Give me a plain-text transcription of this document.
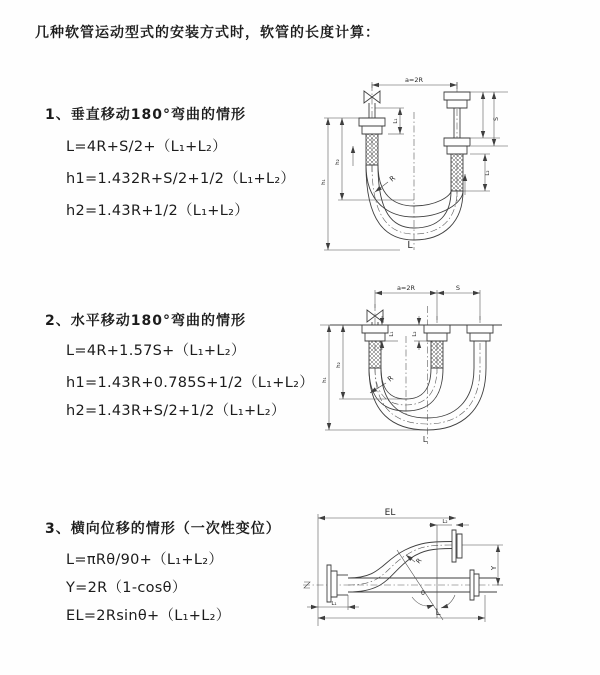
几种软管运动型式的安装方式时，软管的长度计算：
1、垂直移动180°弯曲的情形
L=4R+S/2+（L₁+L₂）
h1=1.432R+S/2+1/2（L₁+L₂）
h2=1.43R+1/2（L₁+L₂）
a=2R
L₁	S
L₂
h₂
h₁	R
L
2、水平移动180°弯曲的情形
L=4R+1.57S+（L₁+L₂）
h1=1.43R+0.785S+1/2（L₁+L₂）
h2=1.43R+S/2+1/2（L₁+L₂）
a=2R	S
L₁	L₂
h₂
h₁	R
L
3、横向位移的情形（一次性变位）
L=πRθ/90+（L₁+L₂）
Y=2R（1-cosθ）
EL=2Rsinθ+（L₁+L₂）
θ
EL
L₂
Y
R
L₁
L
